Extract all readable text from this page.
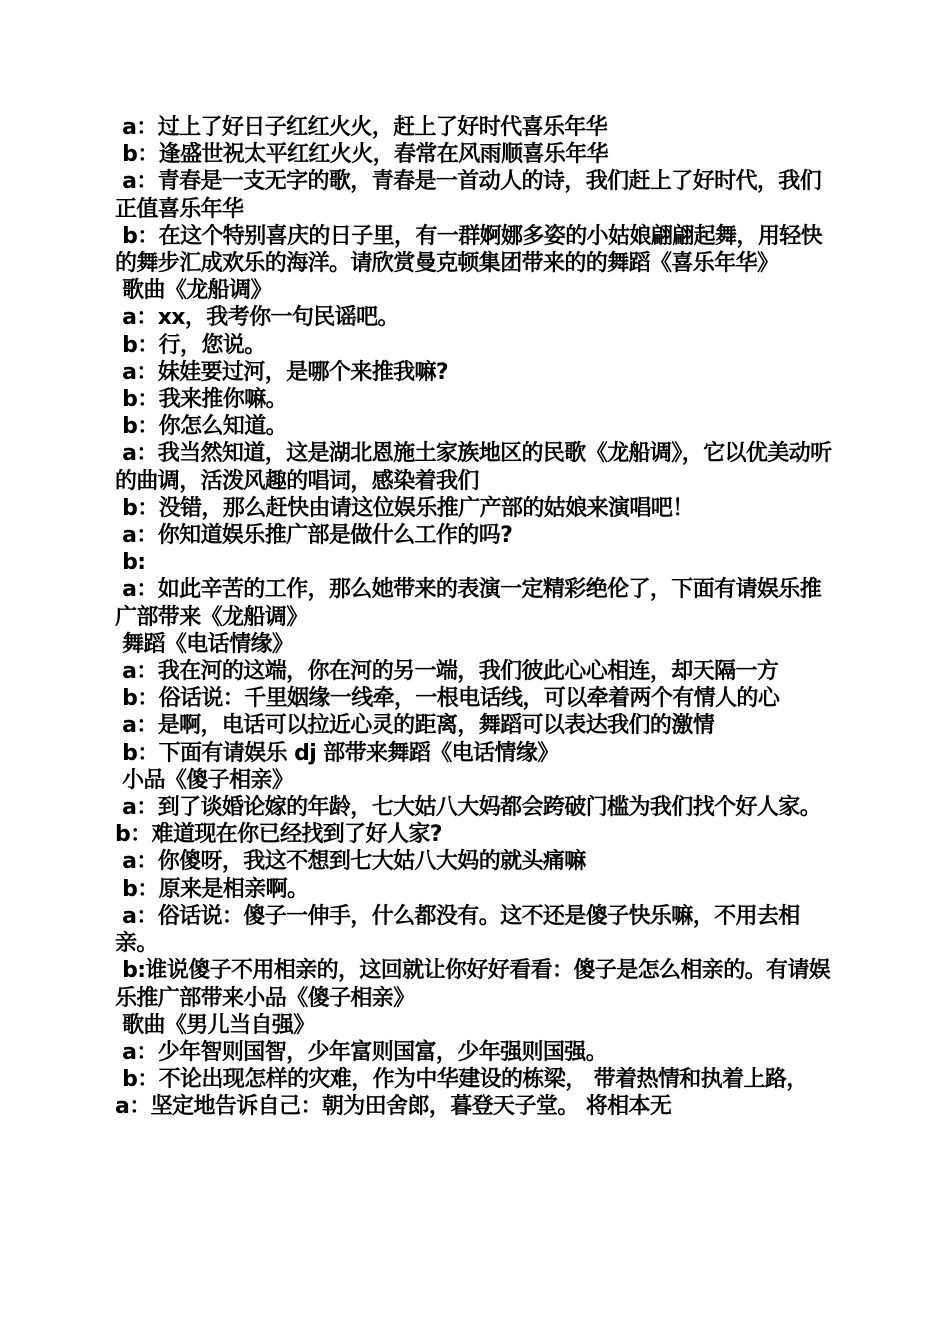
a：过上了好日子红红火火，赶上了好时代喜乐年华
b：逢盛世祝太平红红火火，春常在风雨顺喜乐年华
a：青春是一支无字的歌，青春是一首动人的诗，我们赶上了好时代，我们正值喜乐年华
b：在这个特别喜庆的日子里，有一群婀娜多姿的小姑娘翩翩起舞，用轻快的舞步汇成欢乐的海洋。请欣赏曼克顿集团带来的的舞蹈《喜乐年华》
歌曲《龙船调》
a：xx，我考你一句民谣吧。
b：行，您说。
a：妹娃要过河，是哪个来推我嘛?
b：我来推你嘛。
b：你怎么知道。
a：我当然知道，这是湖北恩施土家族地区的民歌《龙船调》，它以优美动听的曲调，活泼风趣的唱词，感染着我们
b：没错，那么赶快由请这位娱乐推广产部的姑娘来演唱吧！
a：你知道娱乐推广部是做什么工作的吗?
b:
a：如此辛苦的工作，那么她带来的表演一定精彩绝伦了，下面有请娱乐推广部带来《龙船调》
舞蹈《电话情缘》
a：我在河的这端，你在河的另一端，我们彼此心心相连，却天隔一方
b：俗话说：千里姻缘一线牵，一根电话线，可以牵着两个有情人的心
a：是啊，电话可以拉近心灵的距离，舞蹈可以表达我们的激情
b：下面有请娱乐 dj 部带来舞蹈《电话情缘》
小品《傻子相亲》
a：到了谈婚论嫁的年龄，七大姑八大妈都会跨破门槛为我们找个好人家。 b：难道现在你已经找到了好人家?
a：你傻呀，我这不想到七大姑八大妈的就头痛嘛
b：原来是相亲啊。
a：俗话说：傻子一伸手，什么都没有。这不还是傻子快乐嘛，不用去相亲。
b:谁说傻子不用相亲的，这回就让你好好看看：傻子是怎么相亲的。有请娱乐推广部带来小品《傻子相亲》
歌曲《男儿当自强》
a：少年智则国智，少年富则国富，少年强则国强。
b：不论出现怎样的灾难，作为中华建设的栋梁， 带着热情和执着上路， a：坚定地告诉自己：朝为田舍郎，暮登天子堂。 将相本无
